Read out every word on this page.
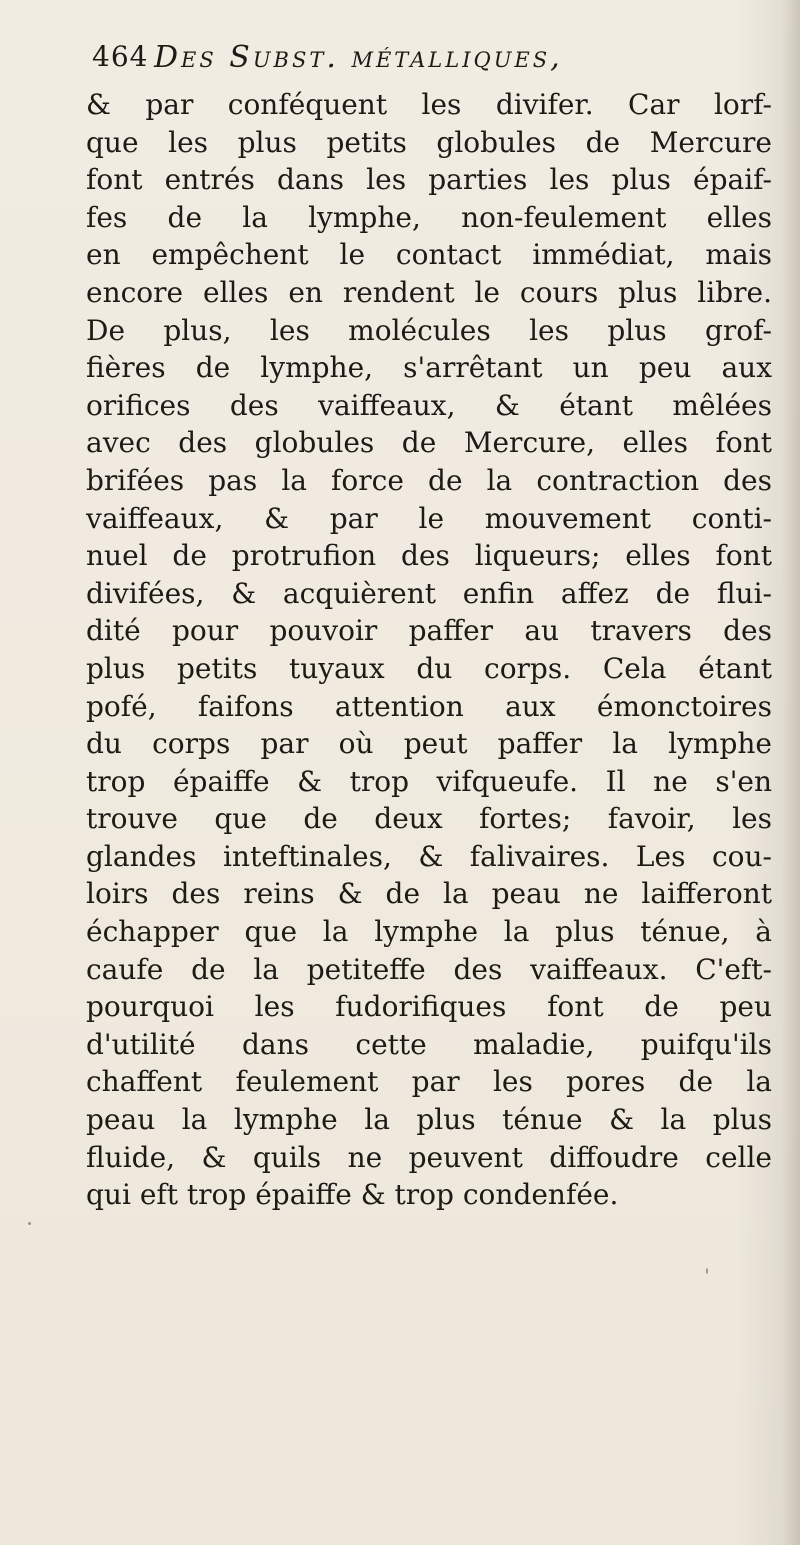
464 Des Subst. métalliques,
& par conféquent les divifer. Car lorf-
que les plus petits globules de Mercure
font entrés dans les parties les plus épaif-
fes de la lymphe, non-feulement elles
en empêchent le contact immédiat, mais
encore elles en rendent le cours plus libre.
De plus, les molécules les plus grof-
fières de lymphe, s'arrêtant un peu aux
orifices des vaiffeaux, & étant mêlées
avec des globules de Mercure, elles font
brifées pas la force de la contraction des
vaiffeaux, & par le mouvement conti-
nuel de protrufion des liqueurs; elles font
divifées, & acquièrent enfin affez de flui-
dité pour pouvoir paffer au travers des
plus petits tuyaux du corps. Cela étant
pofé, faifons attention aux émonctoires
du corps par où peut paffer la lymphe
trop épaiffe & trop vifqueufe. Il ne s'en
trouve que de deux fortes; favoir, les
glandes inteftinales, & falivaires. Les cou-
loirs des reins & de la peau ne laifferont
échapper que la lymphe la plus ténue, à
caufe de la petiteffe des vaiffeaux. C'eft-
pourquoi les fudorifiques font de peu
d'utilité dans cette maladie, puifqu'ils
chaffent feulement par les pores de la
peau la lymphe la plus ténue & la plus
fluide, & quils ne peuvent diffoudre celle
qui eft trop épaiffe & trop condenfée.
